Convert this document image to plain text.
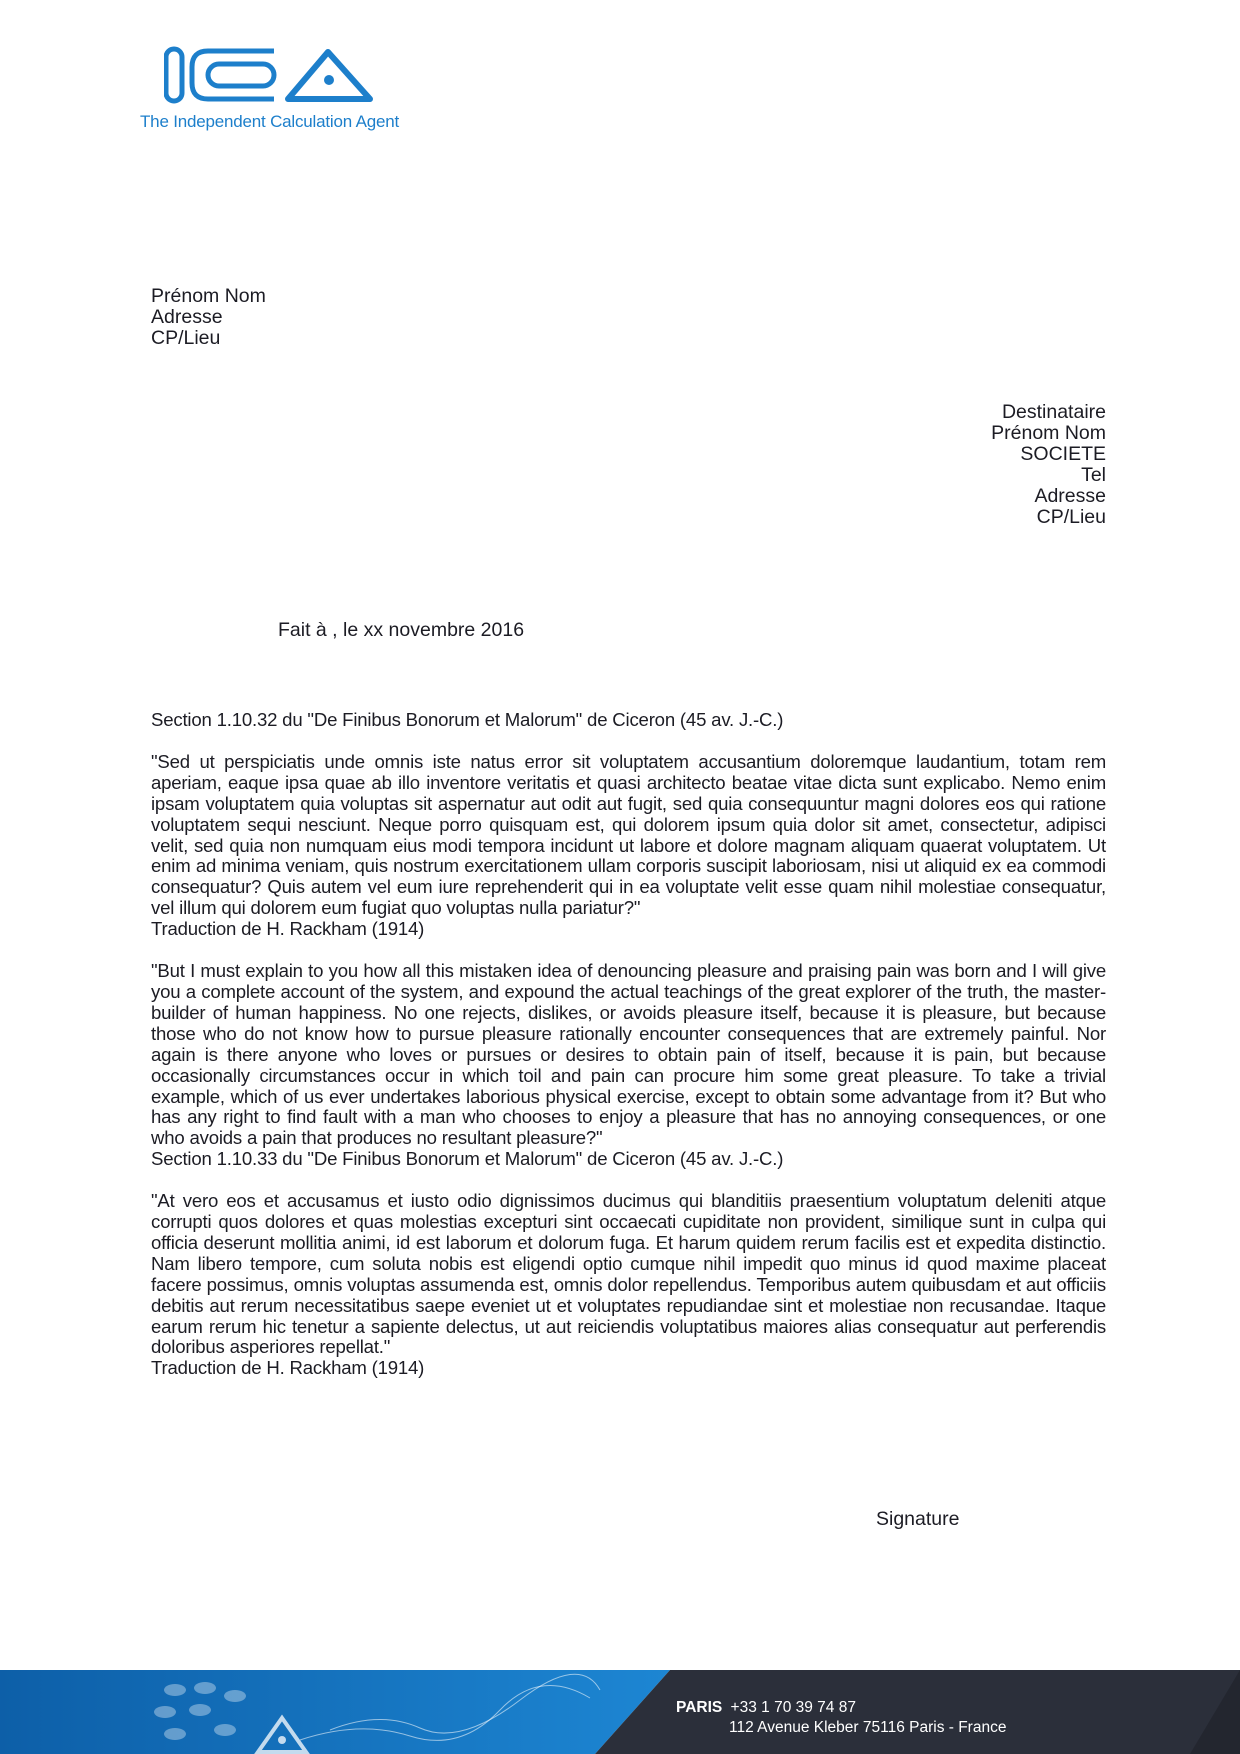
The Independent Calculation Agent
Prénom Nom
Adresse
CP/Lieu
Destinataire
Prénom Nom
SOCIETE
Tel
Adresse
CP/Lieu
Fait à , le xx novembre 2016

Section 1.10.32 du "De Finibus Bonorum et Malorum" de Ciceron (45 av. J.-C.)

"Sed ut perspiciatis unde omnis iste natus error sit voluptatem accusantium doloremque laudantium, totam rem aperiam, eaque ipsa quae ab illo inventore veritatis et quasi architecto beatae vitae dicta sunt explicabo. Nemo enim ipsam voluptatem quia voluptas sit aspernatur aut odit aut fugit, sed quia consequuntur magni dolores eos qui ratione voluptatem sequi nesciunt. Neque porro quisquam est, qui dolorem ipsum quia dolor sit amet, consectetur, adipisci velit, sed quia non numquam eius modi tempora incidunt ut labore et dolore magnam aliquam quaerat voluptatem. Ut enim ad minima veniam, quis nostrum exercitationem ullam corporis suscipit laboriosam, nisi ut aliquid ex ea commodi consequatur? Quis autem vel eum iure reprehenderit qui in ea voluptate velit esse quam nihil molestiae consequatur, vel illum qui dolorem eum fugiat quo voluptas nulla pariatur?"

Traduction de H. Rackham (1914)

"But I must explain to you how all this mistaken idea of denouncing pleasure and praising pain was born and I will give you a complete account of the system, and expound the actual teachings of the great explorer of the truth, the master-builder of human happiness. No one rejects, dislikes, or avoids pleasure itself, because it is pleasure, but because those who do not know how to pursue pleasure rationally encounter consequences that are extremely painful. Nor again is there anyone who loves or pursues or desires to obtain pain of itself, because it is pain, but because occasionally circumstances occur in which toil and pain can procure him some great pleasure. To take a trivial example, which of us ever undertakes laborious physical exercise, except to obtain some advantage from it? But who has any right to find fault with a man who chooses to enjoy a pleasure that has no annoying consequences, or one who avoids a pain that produces no resultant pleasure?"

Section 1.10.33 du "De Finibus Bonorum et Malorum" de Ciceron (45 av. J.-C.)

"At vero eos et accusamus et iusto odio dignissimos ducimus qui blanditiis praesentium voluptatum deleniti atque corrupti quos dolores et quas molestias excepturi sint occaecati cupiditate non provident, similique sunt in culpa qui officia deserunt mollitia animi, id est laborum et dolorum fuga. Et harum quidem rerum facilis est et expedita distinctio. Nam libero tempore, cum soluta nobis est eligendi optio cumque nihil impedit quo minus id quod maxime placeat facere possimus, omnis voluptas assumenda est, omnis dolor repellendus. Temporibus autem quibusdam et aut officiis debitis aut rerum necessitatibus saepe eveniet ut et voluptates repudiandae sint et molestiae non recusandae. Itaque earum rerum hic tenetur a sapiente delectus, ut aut reiciendis voluptatibus maiores alias consequatur aut perferendis doloribus asperiores repellat."

Traduction de H. Rackham (1914)

Signature
PARIS +33 1 70 39 74 87
112 Avenue Kleber 75116 Paris - France
